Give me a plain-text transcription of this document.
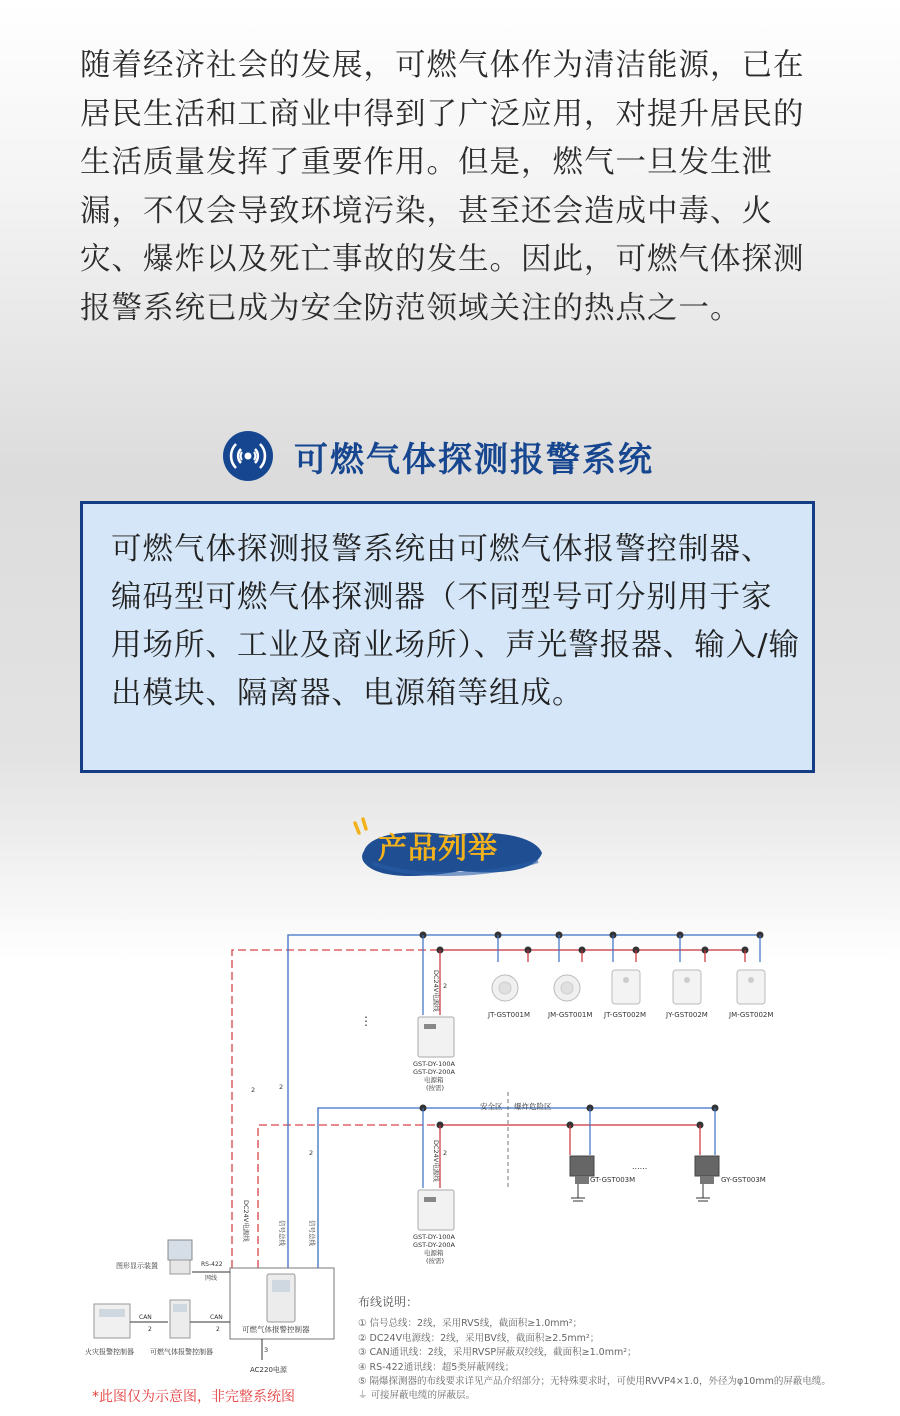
随着经济社会的发展，可燃气体作为清洁能源，已在居民生活和工商业中得到了广泛应用，对提升居民的生活质量发挥了重要作用。但是，燃气一旦发生泄漏，不仅会导致环境污染，甚至还会造成中毒、火灾、爆炸以及死亡事故的发生。因此，可燃气体探测报警系统已成为安全防范领域关注的热点之一。
可燃气体探测报警系统
可燃气体探测报警系统由可燃气体报警控制器、编码型可燃气体探测器（不同型号可分别用于家用场所、工业及商业场所）、声光警报器、输入/输出模块、隔离器、电源箱等组成。
产品列举
安全区 爆炸危险区
JT-GST001M	JM-GST001M JT-GST002M	JY-GST002M	JM-GST002M
GST-DY-100A
GST-DY-200A
电源箱
(按需)
DC24V电源线 2
GST-DY-100A
GST-DY-200A
电源箱
(按需)
DC24V电源线 2
GT-GST003M	GY-GST003M
......
⋮
DC24V电源线	信号总线	信号总线
2	2
2
可燃气体报警控制器
3
AC220电源
图形显示装置	RS-422
网线
火灾报警控制器
CAN
2
可燃气体报警控制器
CAN
2
布线说明：
① 信号总线：2线，采用RVS线，截面积≥1.0mm²；
② DC24V电源线：2线，采用BV线，截面积≥2.5mm²；
③ CAN通讯线：2线，采用RVSP屏蔽双绞线，截面积≥1.0mm²；
④ RS-422通讯线：超5类屏蔽网线；
⑤ 隔爆探测器的布线要求详见产品介绍部分；无特殊要求时，可使用RVVP4×1.0，外径为φ10mm的屏蔽电缆。
⏚ 可接屏蔽电缆的屏蔽层。
*此图仅为示意图，非完整系统图
